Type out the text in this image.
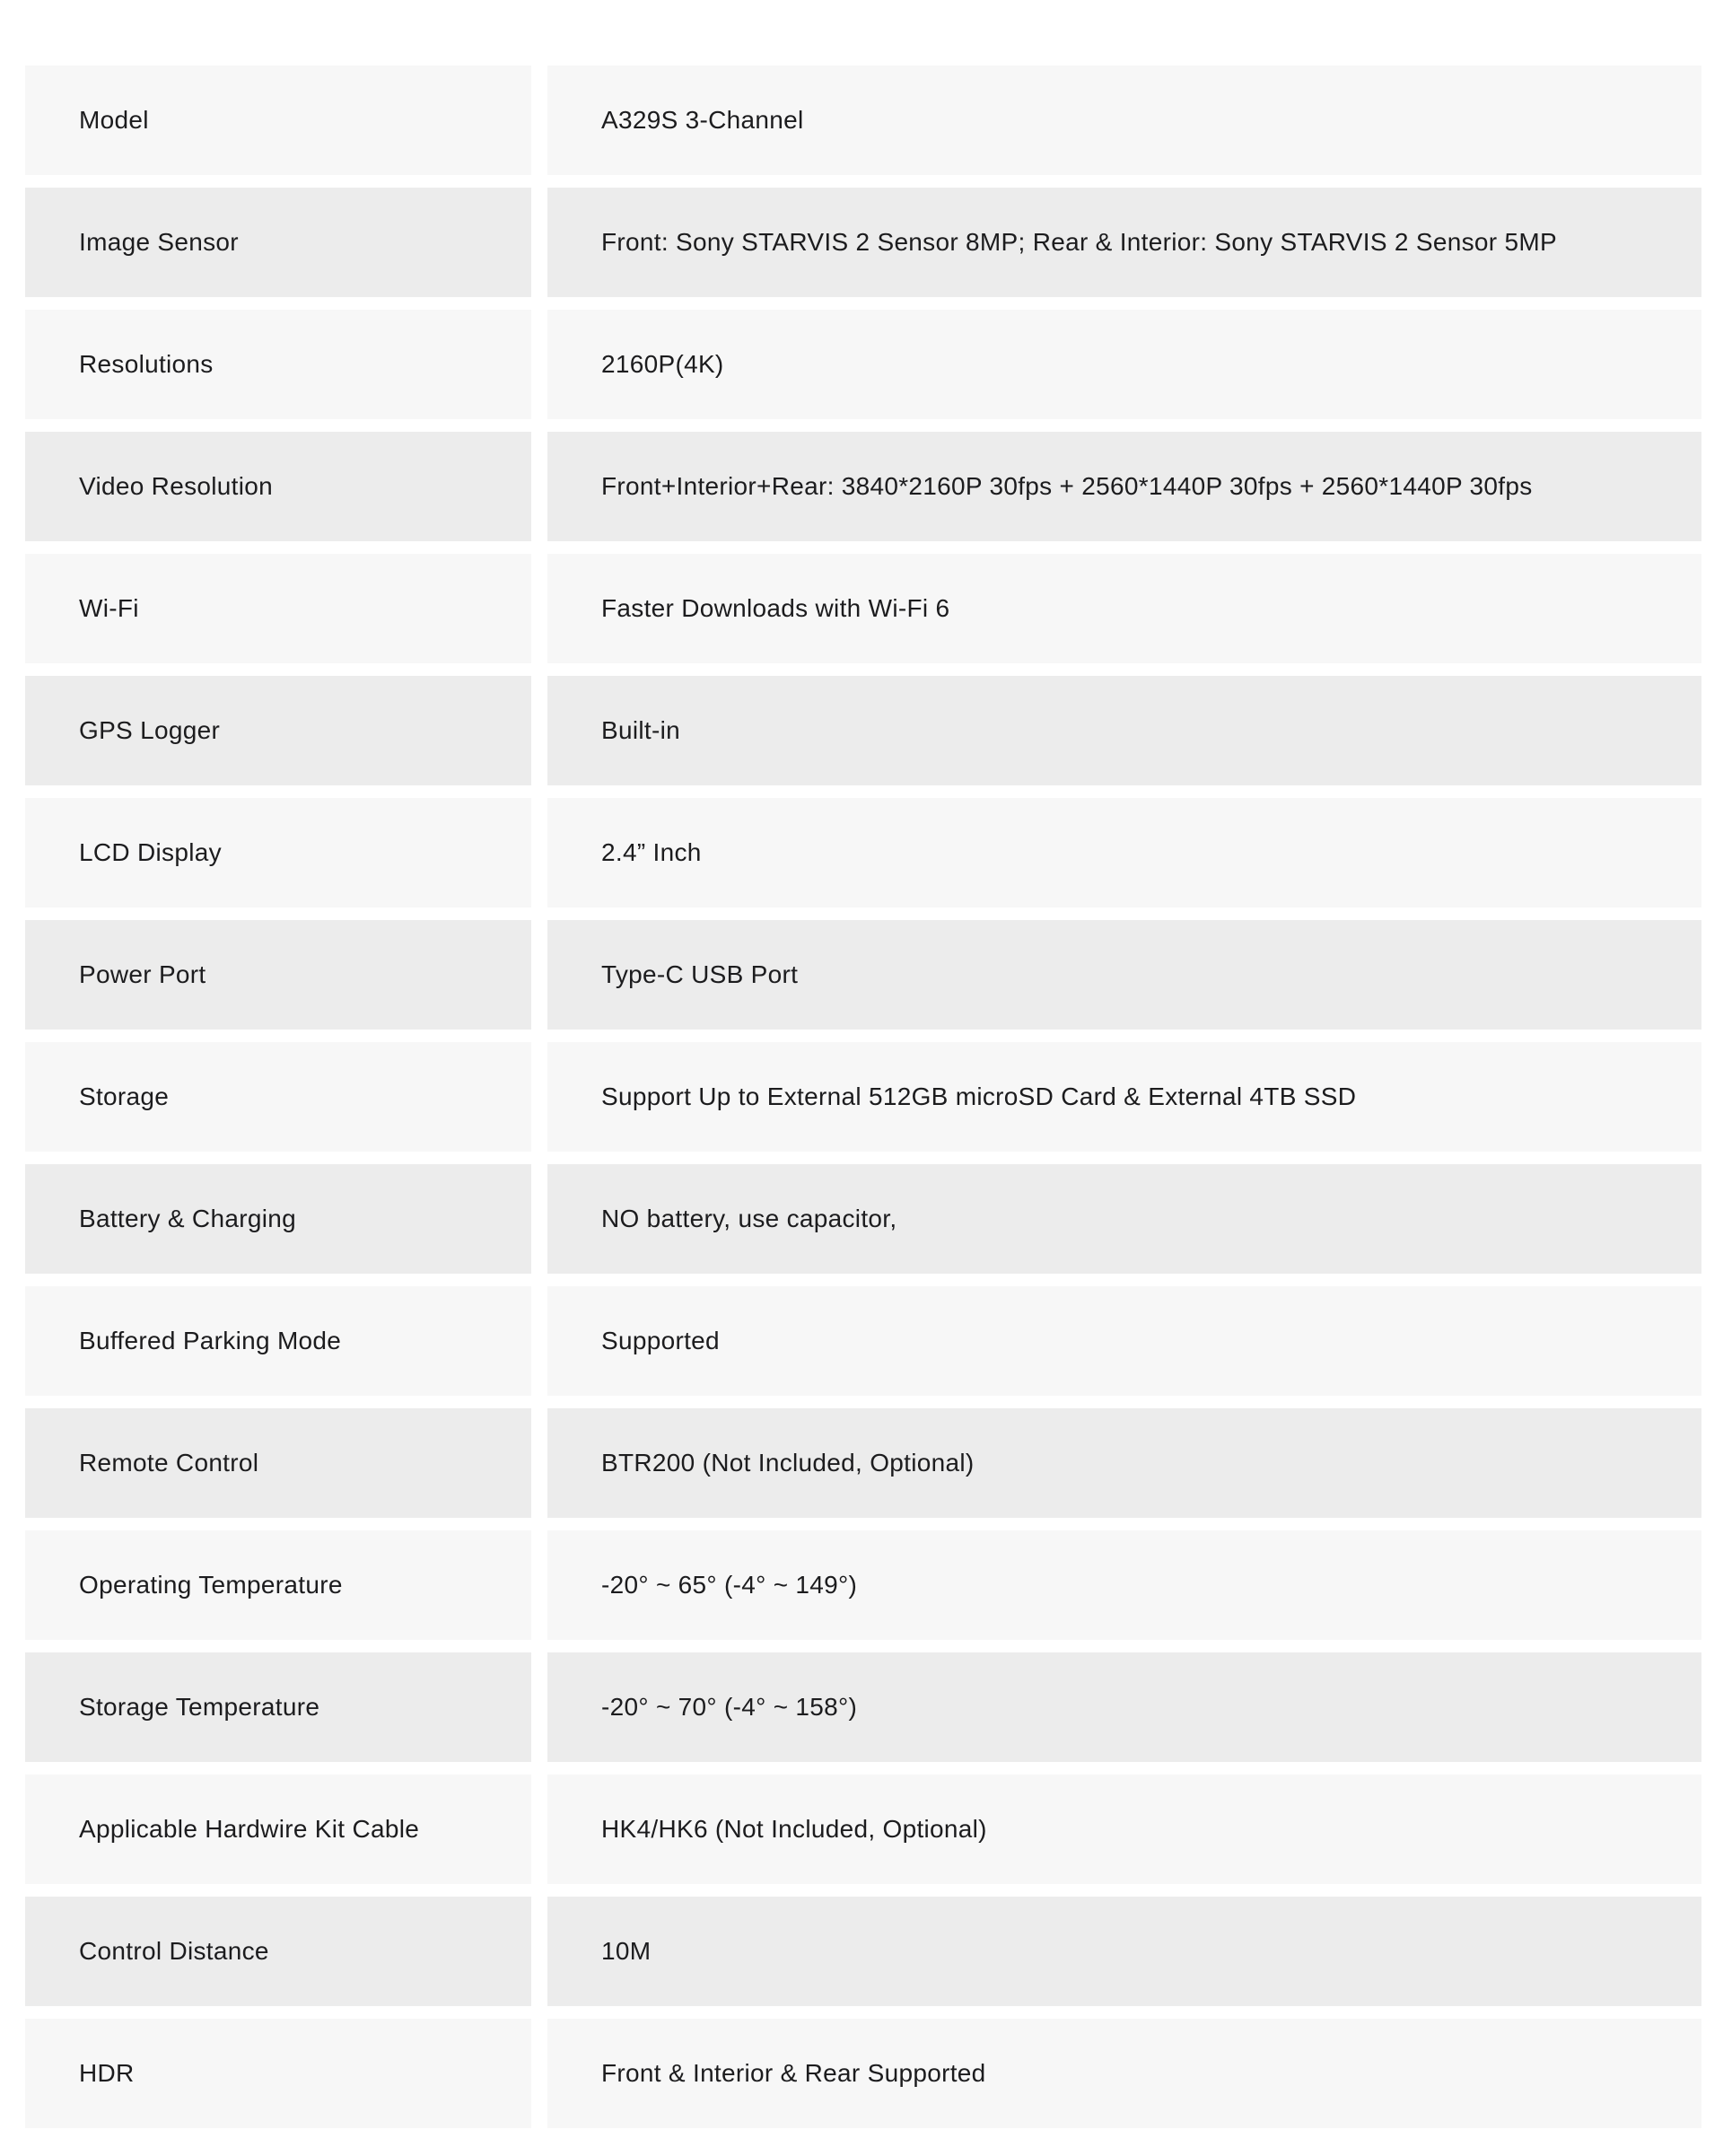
Model	A329S 3-Channel
Image Sensor	Front: Sony STARVIS 2 Sensor 8MP; Rear & Interior: Sony STARVIS 2 Sensor 5MP
Resolutions	2160P(4K)
Video Resolution	Front+Interior+Rear: 3840*2160P 30fps + 2560*1440P 30fps + 2560*1440P 30fps
Wi-Fi	Faster Downloads with Wi-Fi 6
GPS Logger	Built-in
LCD Display	2.4” Inch
Power Port	Type-C USB Port
Storage	Support Up to External 512GB microSD Card & External 4TB SSD
Battery & Charging	NO battery, use capacitor,
Buffered Parking Mode	Supported
Remote Control	BTR200 (Not Included, Optional)
Operating Temperature	-20° ~ 65° (-4° ~ 149°)
Storage Temperature	-20° ~ 70° (-4° ~ 158°)
Applicable Hardwire Kit Cable	HK4/HK6 (Not Included, Optional)
Control Distance	10M
HDR	Front & Interior & Rear Supported
